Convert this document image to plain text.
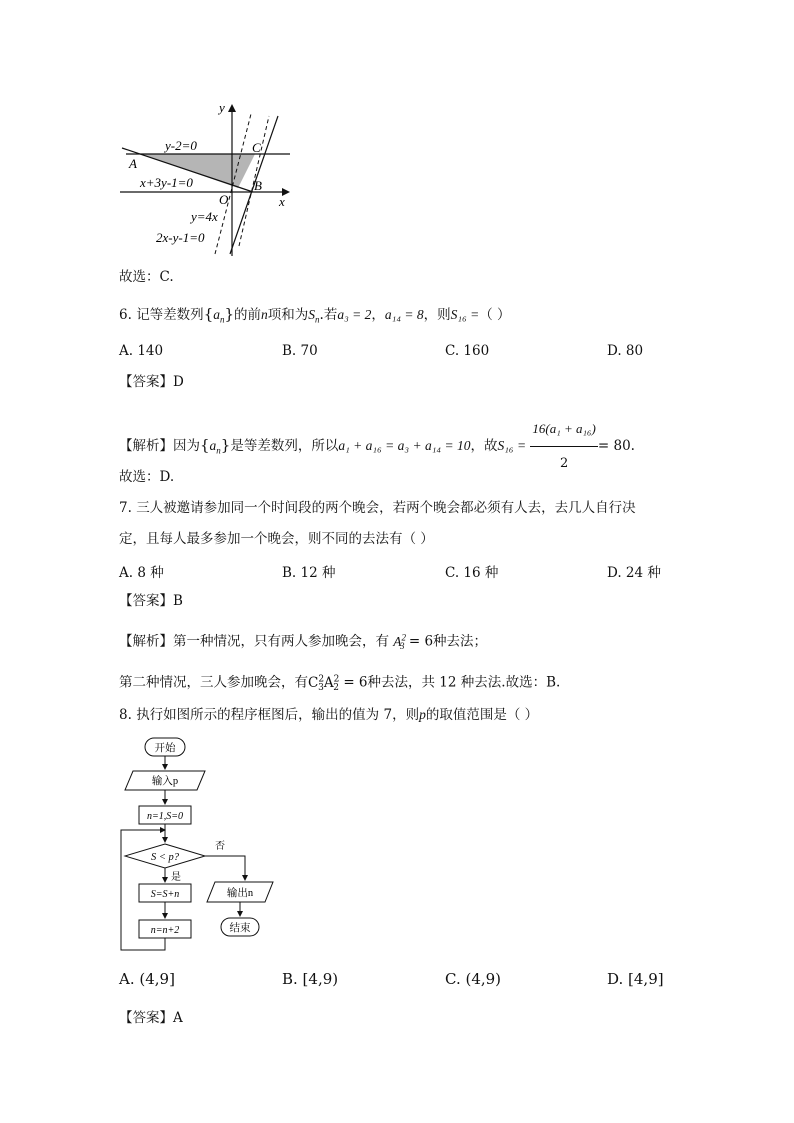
y
x
O
A
B
C
y-2=0
x+3y-1=0
y=4x
2x-y-1=0
故选：C.
6. 记等差数列$\{a_n\}$的前n项和为$S_n$.若a₃ = 2，a₁₄ = 8，则S₁₆ =（ ）
A. 140	B. 70	C. 160	D. 80
【答案】D
【解析】因为$\{a_n\}$是等差数列，所以a₁ + a₁₆ = a₃ + a₁₄ = 10，故$S_{16} = \frac{\text{16(a₁ + a₁₆)}}{2} = 80$.
故选：D.
7. 三人被邀请参加同一个时间段的两个晚会，若两个晚会都必须有人去，去几人自行决
定，且每人最多参加一个晚会，则不同的去法有（ ）
A. 8 种	B. 12 种	C. 16 种	D. 24 种
【答案】B
【解析】第一种情况，只有两人参加晚会，有 $A^2_3 = 6$种去法；
第二种情况，三人参加晚会，有$C^2_3A^2_2 = 6$种去法，共 12 种去法.故选：B.
8. 执行如图所示的程序框图后，输出的值为 7，则p的取值范围是（ ）
开始
输入p
n=1,S=0
S < p?
否
输出n
结束
是
S=S+n
n=n+2
A. (4,9]	B. [4,9)	C. (4,9)	D. [4,9]
【答案】A
